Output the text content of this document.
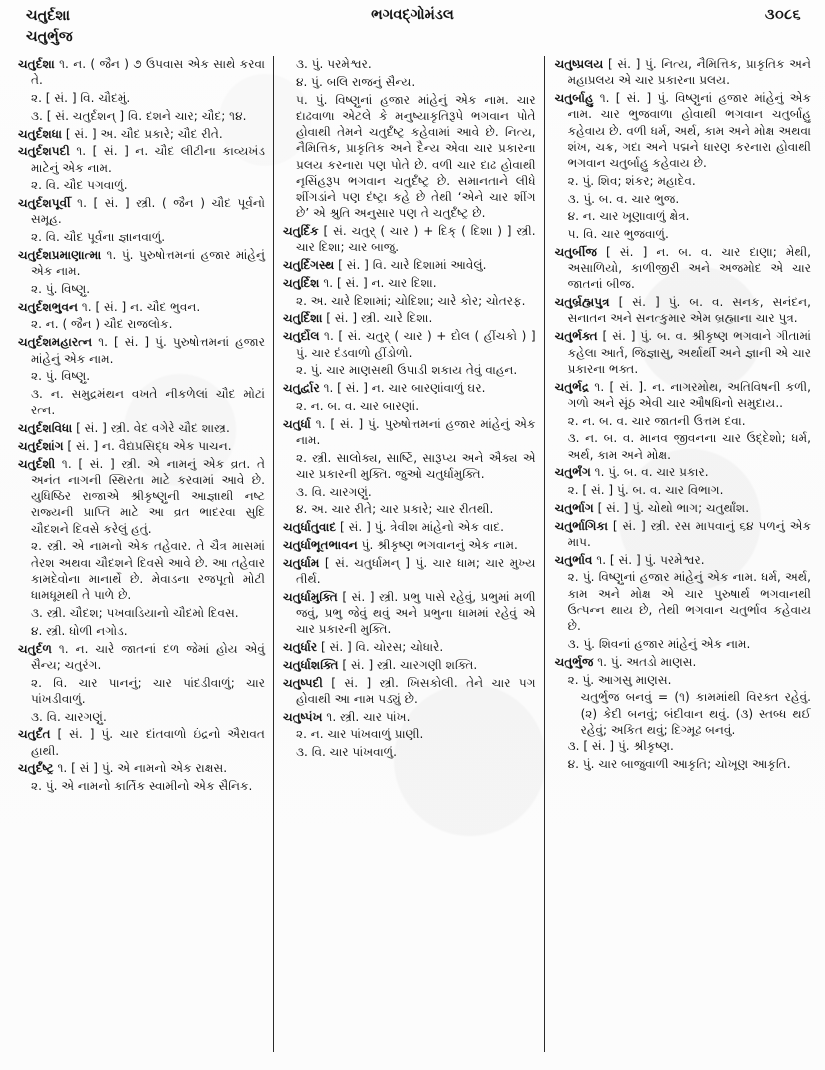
ચતુર્દશા
ચતુર્ભુજ
ભગવદ્ગોમંડલ	૩૦૮૬
ચતુર્દશા ૧. ન. ( જૈન ) ૭ ઉપવાસ એક સાથે કરવા તે.
૨. [ સં. ] વિ. ચૌદમું.
૩. [ સં. ચતુર્દશન્ ] વિ. દશને ચાર; ચૌદ; ૧૪.
ચતુર્દશધા [ સં. ] અ. ચૌદ પ્રકારે; ચૌદ રીતે.
ચતુર્દશપદી ૧. [ સં. ] ન. ચૌદ લીટીના કાવ્યખંડ માટેનું એક નામ.
૨. વિ. ચૌદ પગવાળું.
ચતુર્દશપૂર્વી ૧. [ સં. ] સ્ત્રી. ( જૈન ) ચૌદ પૂર્વનો સમૂહ.
૨. વિ. ચૌદ પૂર્વના જ્ઞાનવાળું.
ચતુર્દશપ્રમાણાત્મા ૧. પું. પુરુષોત્તમનાં હજાર માંહેનું એક નામ.
૨. પું. વિષ્ણુ.
ચતુર્દશભુવન ૧. [ સં. ] ન. ચૌદ ભુવન.
૨. ન. ( જૈન ) ચૌદ રાજલોક.
ચતુર્દશમહારત્ન ૧. [ સં. ] પું. પુરુષોત્તમનાં હજાર માંહેનું એક નામ.
૨. પું. વિષ્ણુ.
૩. ન. સમુદ્રમંથન વખતે નીકળેલાં ચૌદ મોટાં રત્ન.
ચતુર્દશવિધા [ સં. ] સ્ત્રી. વેદ વગેરે ચૌદ શાસ્ત્ર.
ચતુર્દશાંગ [ સં. ] ન. વૈદ્યપ્રસિદ્ધ એક પાચન.
ચતુર્દશી ૧. [ સં. ] સ્ત્રી. એ નામનું એક વ્રત. તે અનંત નાગની સ્થિરતા માટે કરવામાં આવે છે. યુધિષ્ઠિર રાજાએ શ્રીકૃષ્ણુની આજ્ઞાથી નષ્ટ રાજ્યની પ્રાપ્તિ માટે આ વ્રત ભાદરવા સુદિ ચૌદશને દિવસે કરેલું હતું.
૨. સ્ત્રી. એ નામનો એક તહેવાર. તે ચૈત્ર માસમાં તેરશ અથવા ચૌદશને દિવસે આવે છે. આ તહેવાર કામદેવોના માનાર્થે છે. મેવાડના રજપૂતો મોટી ધામધૂમથી તે પાળે છે.
૩. સ્ત્રી. ચૌદશ; પખવાડિયાનો ચૌદમો દિવસ.
૪. સ્ત્રી. ધોળી નગોડ.
ચતુર્દળ ૧. ન. ચારે જાતનાં દળ જેમાં હોય એવું સૈન્ય; ચતુરંગ.
૨. વિ. ચાર પાનનું; ચાર પાંદડીવાળું; ચાર પાંખડીવાળું.
૩. વિ. ચારગણું.
ચતુર્દંત [ સં. ] પું. ચાર દાંતવાળો ઇંદ્રનો ઐરાવત હાથી.
ચતુર્દંષ્ટ્ર ૧. [ સં ] પું. એ નામનો એક રાક્ષસ.
૨. પું. એ નામનો કાર્તિક સ્વામીનો એક સૈનિક.
૩. પું. પરમેશ્વર.
૪. પું. બલિ રાજનું સૈન્ય.
૫. પું. વિષ્ણુનાં હજાર માંહેનું એક નામ. ચાર દાઢવાળા એટલે કે મનુષ્યાકૃતિરૂપે ભગવાન પોતે હોવાથી તેમને ચતુર્દંષ્ટ્ર કહેવામાં આવે છે. નિત્ય, નૈમિત્તિક, પ્રાકૃતિક અને દૈન્ય એવા ચાર પ્રકારના પ્રલય કરનારા પણ પોતે છે. વળી ચાર દાઢ હોવાથી નૃસિંહરૂપ ભગવાન ચતુર્દંષ્ટ્ર છે. સમાનતાને લીધે શીંગડાંને પણ દંષ્ટ્રા કહે છે તેથી ‘એને ચાર શીંગ છે’ એ શ્રુતિ અનુસાર પણ તે ચતુર્દંષ્ટ્ર છે.
ચતુર્દિક [ સં. ચતુર્ ( ચાર ) + દિક્ ( દિશા ) ] સ્ત્રી. ચાર દિશા; ચાર બાજુ.
ચતુર્દિગસ્થ [ સં. ] વિ. ચારે દિશામાં આવેલું.
ચતુર્દિશ ૧. [ સં. ] ન. ચાર દિશા.
૨. અ. ચારે દિશામાં; ચોદિશા; ચારે કોર; ચોતરફ.
ચતુર્દિશા [ સં. ] સ્ત્રી. ચારે દિશા.
ચતુર્દોલ ૧. [ સં. ચતુર્ ( ચાર ) + દોલ ( હીંચકો ) ] પું. ચાર દંડવાળો હીંડોળો.
૨. પું. ચાર માણસથી ઉપાડી શકાય તેવું વાહન.
ચતુર્દ્વાર ૧. [ સં. ] ન. ચાર બારણાંવાળું ઘર.
૨. ન. બ. વ. ચાર બારણાં.
ચતુર્ધા ૧. [ સં. ] પું. પુરુષોત્તમનાં હજાર માંહેનું એક નામ.
૨. સ્ત્રી. સાલોક્ય, સાર્ષ્ટિ, સારૂપ્ય અને ઐક્ય એ ચાર પ્રકારની મુક્તિ. જુઓ ચતુર્ધામુક્તિ.
૩. વિ. ચારગણું.
૪. અ. ચાર રીતે; ચાર પ્રકારે; ચાર રીતથી.
ચતુર્ધાતુવાદ [ સં. ] પું. ત્રેવીશ માંહેનો એક વાદ.
ચતુર્ધાભૂતભાવન પું. શ્રીકૃષ્ણ ભગવાનનું એક નામ.
ચતુર્ધામ [ સં. ચતુર્ધામન્ ] પું. ચાર ધામ; ચાર મુખ્ય તીર્થ.
ચતુર્ધામુક્તિ [ સં. ] સ્ત્રી. પ્રભુ પાસે રહેવું, પ્રભુમાં મળી જવું, પ્રભુ જેવું થવું અને પ્રભુના ધામમાં રહેવું એ ચાર પ્રકારની મુક્તિ.
ચતુર્ધાર [ સં. ] વિ. ચોરસ; ચોધારે.
ચતુર્ધાશક્તિ [ સં. ] સ્ત્રી. ચારગણી શક્તિ.
ચતુષ્પદી [ સં. ] સ્ત્રી. ખિસકોલી. તેને ચાર પગ હોવાથી આ નામ પડ્યું છે.
ચતુષ્પંખ ૧. સ્ત્રી. ચાર પાંખ.
૨. ન. ચાર પાંખવાળું પ્રાણી.
૩. વિ. ચાર પાંખવાળું.
ચતુષ્પ્રલય [ સં. ] પું. નિત્ય, નૈમિત્તિક, પ્રાકૃતિક અને મહાપ્રલય એ ચાર પ્રકારના પ્રલય.
ચતુર્બાહુ ૧. [ સં. ] પું. વિષ્ણુનાં હજાર માંહેનું એક નામ. ચાર ભુજવાળા હોવાથી ભગવાન ચતુર્બાહુ કહેવાય છે. વળી ધર્મ, અર્થ, કામ અને મોક્ષ અથવા શંખ, ચક્ર, ગદા અને પદ્મને ધારણ કરનારા હોવાથી ભગવાન ચતુર્બાહુ કહેવાય છે.
૨. પું. શિવ; શંકર; મહાદેવ.
૩. પું. બ. વ. ચાર ભુજ.
૪. ન. ચાર ખૂણાવાળું ક્ષેત્ર.
૫. વિ. ચાર ભુજવાળું.
ચતુર્બીજ [ સં. ] ન. બ. વ. ચાર દાણા; મેથી, અસાળિયો, કાળીજીરી અને અજમોદ એ ચાર જાતનાં બીજ.
ચતુર્બ્રહ્મપુત્ર [ સં. ] પું. બ. વ. સનક, સનંદન, સનાતન અને સનત્કુમાર એમ બ્રહ્માના ચાર પુત્ર.
ચતુર્ભક્ત [ સં. ] પું. બ. વ. શ્રીકૃષ્ણ ભગવાને ગીતામાં કહેલા આર્ત, જિજ્ઞાસુ, અર્થાર્થી અને જ્ઞાની એ ચાર પ્રકારના ભક્ત.
ચતુર્ભદ્ર ૧. [ સં. ]. ન. નાગરમોથ, અતિવિષની કળી, ગળો અને સૂંઠ એવી ચાર ઔષધિનો સમુદાય..
૨. ન. બ. વ. ચાર જાતની ઉત્તમ દવા.
૩. ન. બ. વ. માનવ જીવનના ચાર ઉદ્દેશો; ધર્મ, અર્થ, કામ અને મોક્ષ.
ચતુર્ભંગ ૧. પું. બ. વ. ચાર પ્રકાર.
૨. [ સં. ] પું. બ. વ. ચાર વિભાગ.
ચતુર્ભાગ [ સં. ] પું. ચોથો ભાગ; ચતુર્થાંશ.
ચતુર્ભાગિકા [ સં. ] સ્ત્રી. રસ માપવાનું ૬૪ પળનું એક માપ.
ચતુર્ભાવ ૧. [ સં. ] પું. પરમેશ્વર.
૨. પું. વિષ્ણુનાં હજાર માંહેનું એક નામ. ધર્મ, અર્થ, કામ અને મોક્ષ એ ચાર પુરુષાર્થ ભગવાનથી ઉત્પન્ન થાય છે, તેથી ભગવાન ચતુર્ભાવ કહેવાય છે.
૩. પું. શિવનાં હજાર માંહેનું એક નામ.
ચતુર્ભુજ ૧. પું. અતડો માણસ.
૨. પું. આગસુ માણસ.
ચતુર્ભુજ બનવું = (૧) કામમાંથી વિરક્ત રહેવું. (૨) કેદી બનવું; બંદીવાન થવું. (૩) સ્તબ્ધ થઈ રહેવું; અકિત થવું; દિગ્મૂઢ બનવું.
૩. [ સં. ] પું. શ્રીકૃષ્ણ.
૪. પું. ચાર બાજુવાળી આકૃતિ; ચોખૂણ આકૃતિ.
